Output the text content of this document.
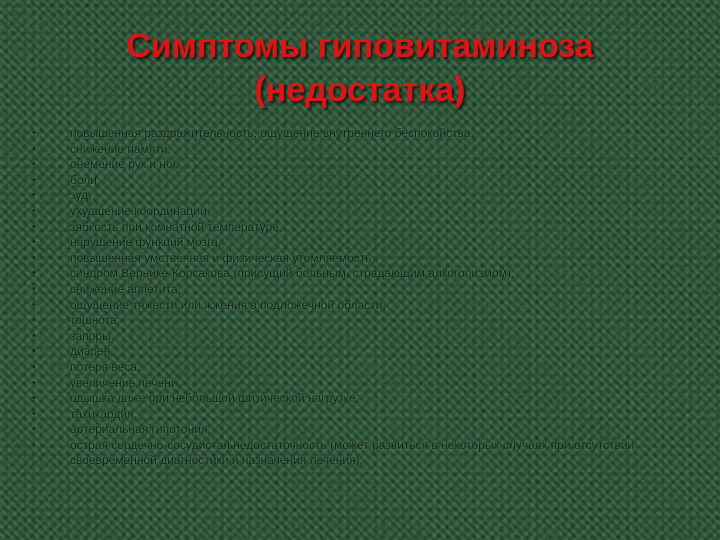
Симптомы гиповитаминоза
(недостатка)
•	повышенная раздражительность, ощущение внутреннего беспокойства,
•	снижение памяти;
•	онемение рук и ног,
•	боли,
•	зуд,
•	ухудшение координации,
•	зябкость при комнатной температуре,
•	нарушение функций мозга,
•	повышенная умственная и физическая утомляемость;
•	синдром Вернике-Корсакова (присущий больным, страдающим алкоголизмом).
•	снижение аппетита,
•	ощущение тяжести или жжения в подложечной области,
•	тошнота;
•	запоры,
•	диарея,
•	потеря веса,
•	увеличение печени.
•	одышка даже при небольшой физической нагрузке,
•	тахикардия,
•	артериальная гипотония,
•	острая сердечно-сосудистая недостаточность (может развиться в некоторых случаях при отсутствии своевременной диагностики и назначения лечения).
